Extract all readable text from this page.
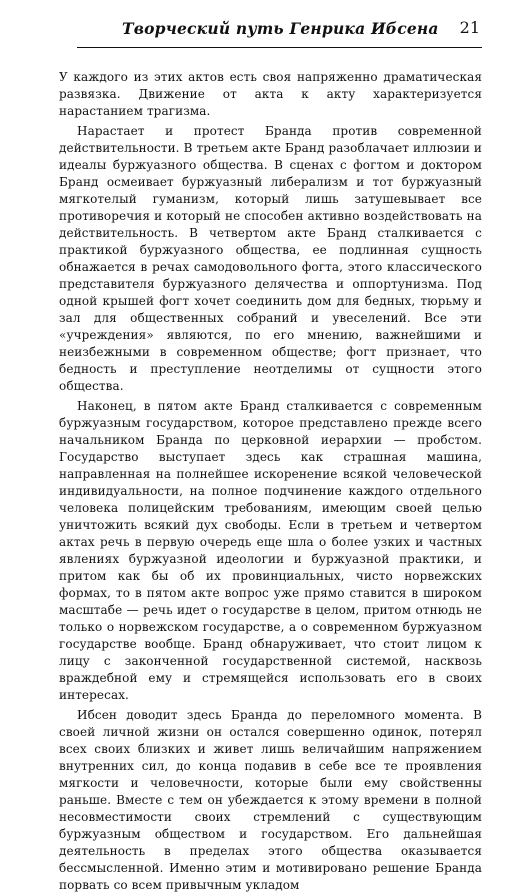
Творческий путь Генрика Ибсена 21

У каждого из этих актов есть своя напряженно драматическая развязка. Движение от акта к акту характеризуется нарастанием трагизма.

Нарастает и протест Бранда против современной действительности. В третьем акте Бранд разоблачает иллюзии и идеалы буржуазного общества. В сценах с фогтом и доктором Бранд осмеивает буржуазный либерализм и тот буржуазный мягкотелый гуманизм, который лишь затушевывает все противоречия и который не способен активно воздействовать на действительность. В четвертом акте Бранд сталкивается с практикой буржуазного общества, ее подлинная сущность обнажается в речах самодовольного фогта, этого классического представителя буржуазного делячества и оппортунизма. Под одной крышей фогт хочет соединить дом для бедных, тюрьму и зал для общественных собраний и увеселений. Все эти «учреждения» являются, по его мнению, важнейшими и неизбежными в современном обществе; фогт признает, что бедность и преступление неотделимы от сущности этого общества.

Наконец, в пятом акте Бранд сталкивается с современным буржуазным государством, которое представлено прежде всего начальником Бранда по церковной иерархии — пробстом. Государство выступает здесь как страшная машина, направленная на полнейшее искоренение всякой человеческой индивидуальности, на полное подчинение каждого отдельного человека полицейским требованиям, имеющим своей целью уничтожить всякий дух свободы. Если в третьем и четвертом актах речь в первую очередь еще шла о более узких и частных явлениях буржуазной идеологии и буржуазной практики, и притом как бы об их провинциальных, чисто норвежских формах, то в пятом акте вопрос уже прямо ставится в широком масштабе — речь идет о государстве в целом, притом отнюдь не только о норвежском государстве, а о современном буржуазном государстве вообще. Бранд обнаруживает, что стоит лицом к лицу с законченной государственной системой, насквозь враждебной ему и стремящейся использовать его в своих интересах.

Ибсен доводит здесь Бранда до переломного момента. В своей личной жизни он остался совершенно одинок, потерял всех своих близких и живет лишь величайшим напряжением внутренних сил, до конца подавив в себе все те проявления мягкости и человечности, которые были ему свойственны раньше. Вместе с тем он убеждается к этому времени в полной несовместимости своих стремлений с существующим буржуазным обществом и государством. Его дальнейшая деятельность в пределах этого общества оказывается бессмысленной. Именно этим и мотивировано решение Бранда порвать со всем привычным укладом
